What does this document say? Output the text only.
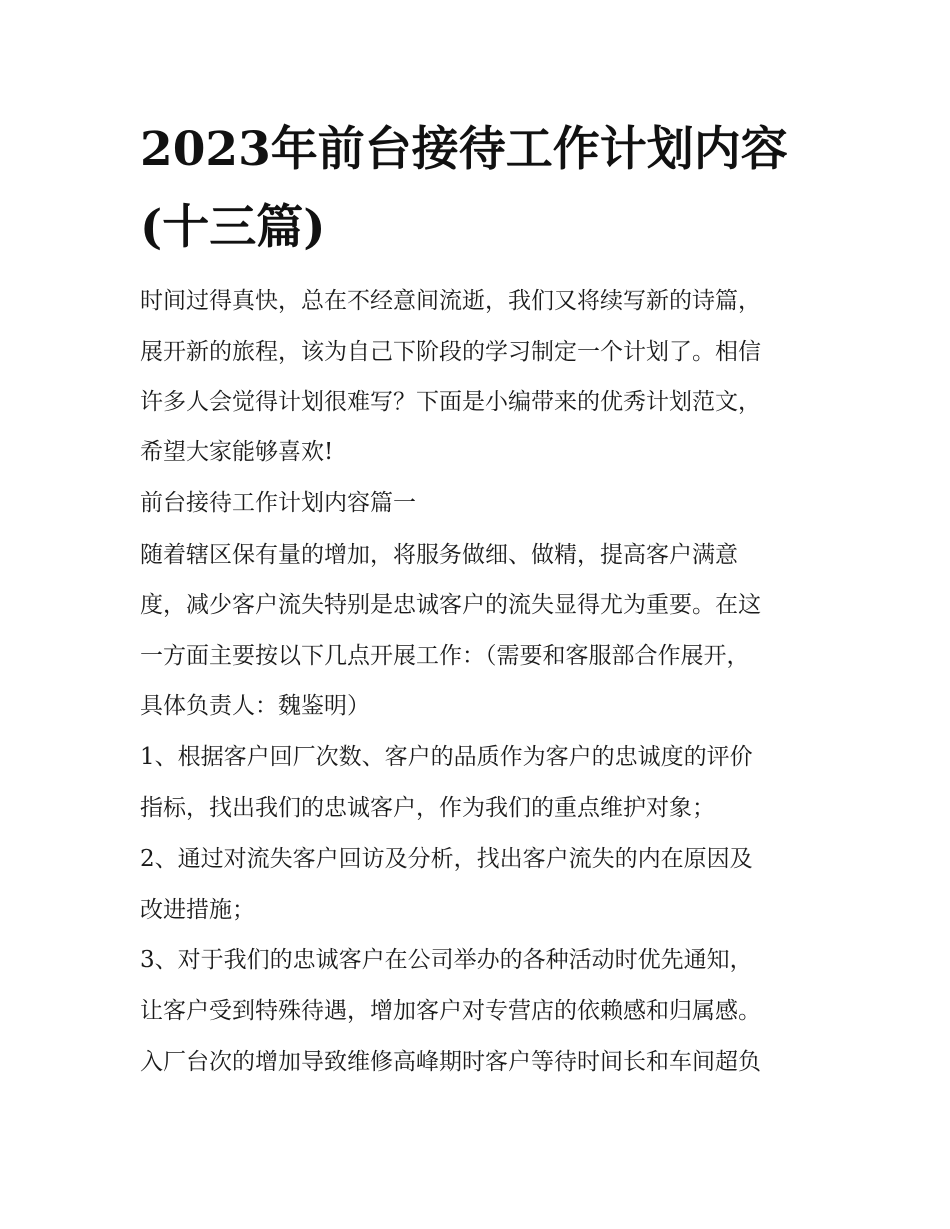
2023年前台接待工作计划内容
(十三篇)

时间过得真快，总在不经意间流逝，我们又将续写新的诗篇，

展开新的旅程，该为自己下阶段的学习制定一个计划了。相信

许多人会觉得计划很难写？下面是小编带来的优秀计划范文，

希望大家能够喜欢!

前台接待工作计划内容篇一

随着辖区保有量的增加，将服务做细、做精，提高客户满意

度，减少客户流失特别是忠诚客户的流失显得尤为重要。在这

一方面主要按以下几点开展工作：（需要和客服部合作展开，

具体负责人：魏鉴明）

1、根据客户回厂次数、客户的品质作为客户的忠诚度的评价

指标，找出我们的忠诚客户，作为我们的重点维护对象；

2、通过对流失客户回访及分析，找出客户流失的内在原因及

改进措施；

3、对于我们的忠诚客户在公司举办的各种活动时优先通知，

让客户受到特殊待遇，增加客户对专营店的依赖感和归属感。

入厂台次的增加导致维修高峰期时客户等待时间长和车间超负
